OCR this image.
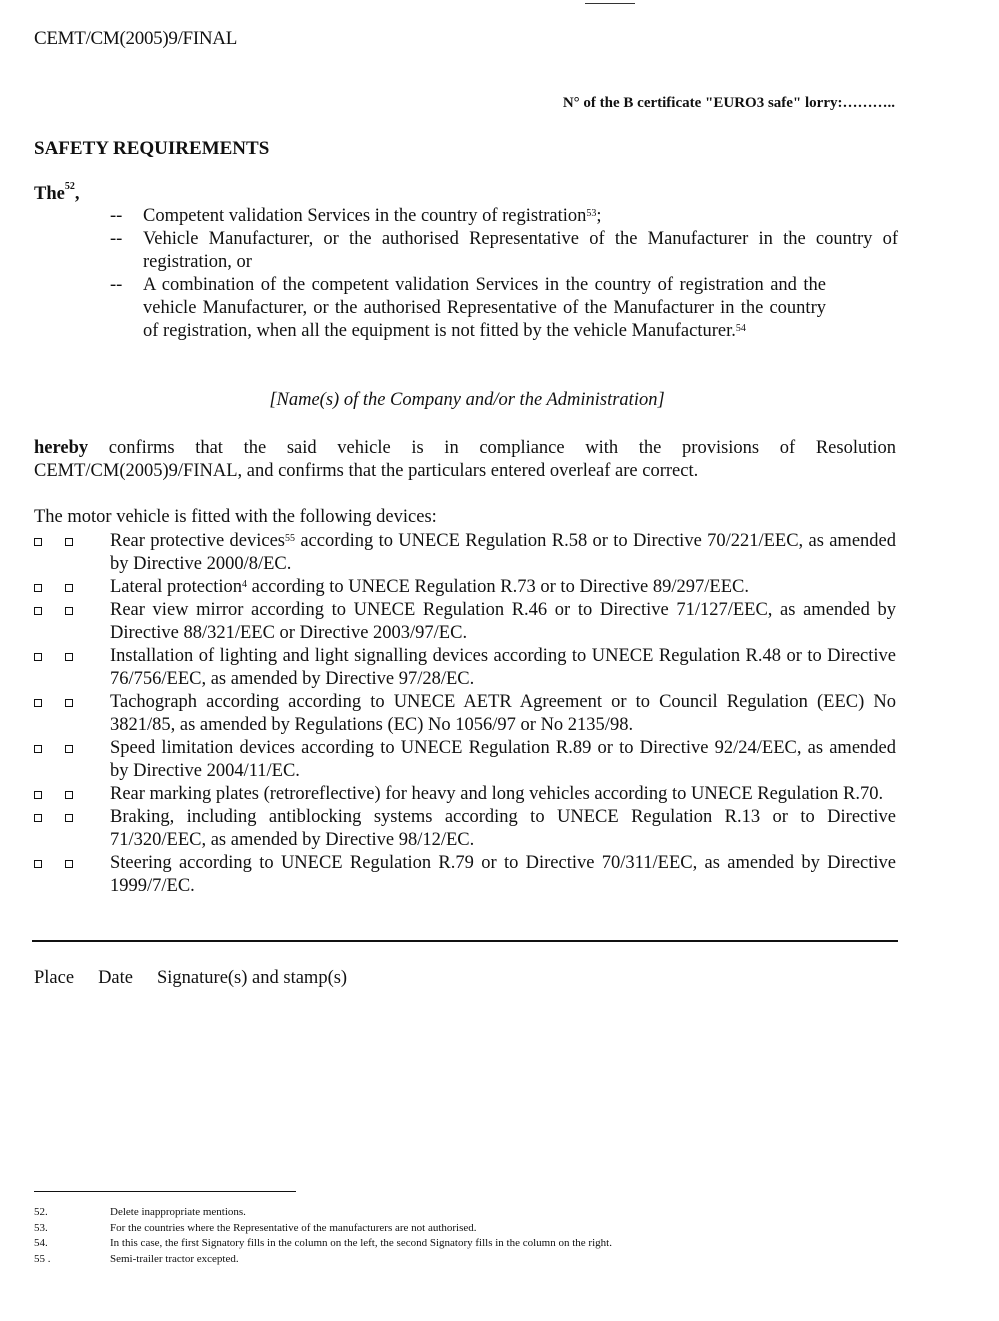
CEMT/CM(2005)9/FINAL
N° of the B certificate "EURO3 safe" lorry:………..
SAFETY REQUIREMENTS
The$^{52}$,
--	Competent validation Services in the country of registration$^{53}$;
--	Vehicle Manufacturer, or the authorised Representative of the Manufacturer in the country of registration, or
--	A combination of the competent validation Services in the country of registration and the vehicle Manufacturer, or the authorised Representative of the Manufacturer in the country of registration, when all the equipment is not fitted by the vehicle Manufacturer.$^{54}$
[Name(s) of the Company and/or the Administration]
hereby confirms that the said vehicle is in compliance with the provisions of Resolution CEMT/CM(2005)9/FINAL, and confirms that the particulars entered overleaf are correct.
The motor vehicle is fitted with the following devices:
Rear protective devices$^{55}$ according to UNECE Regulation R.58 or to Directive 70/221/EEC, as amended by Directive 2000/8/EC.
Lateral protection$^4$ according to UNECE Regulation R.73 or to Directive 89/297/EEC.
Rear view mirror according to UNECE Regulation R.46 or to Directive 71/127/EEC, as amended by Directive 88/321/EEC or Directive 2003/97/EC.
Installation of lighting and light signalling devices according to UNECE Regulation R.48 or to Directive 76/756/EEC, as amended by Directive 97/28/EC.
Tachograph according according to UNECE AETR Agreement or to Council Regulation (EEC) No 3821/85, as amended by Regulations (EC) No 1056/97 or No 2135/98.
Speed limitation devices according to UNECE Regulation R.89 or to Directive 92/24/EEC, as amended by Directive 2004/11/EC.
Rear marking plates (retroreflective) for heavy and long vehicles according to UNECE Regulation R.70.
Braking, including antiblocking systems according to UNECE Regulation R.13 or to Directive 71/320/EEC, as amended by Directive 98/12/EC.
Steering according to UNECE Regulation R.79 or to Directive 70/311/EEC, as amended by Directive 1999/7/EC.
Place Date Signature(s) and stamp(s)
52.	Delete inappropriate mentions.
53.	For the countries where the Representative of the manufacturers are not authorised.
54.	In this case, the first Signatory fills in the column on the left, the second Signatory fills in the column on the right.
55 .	Semi-trailer tractor excepted.
